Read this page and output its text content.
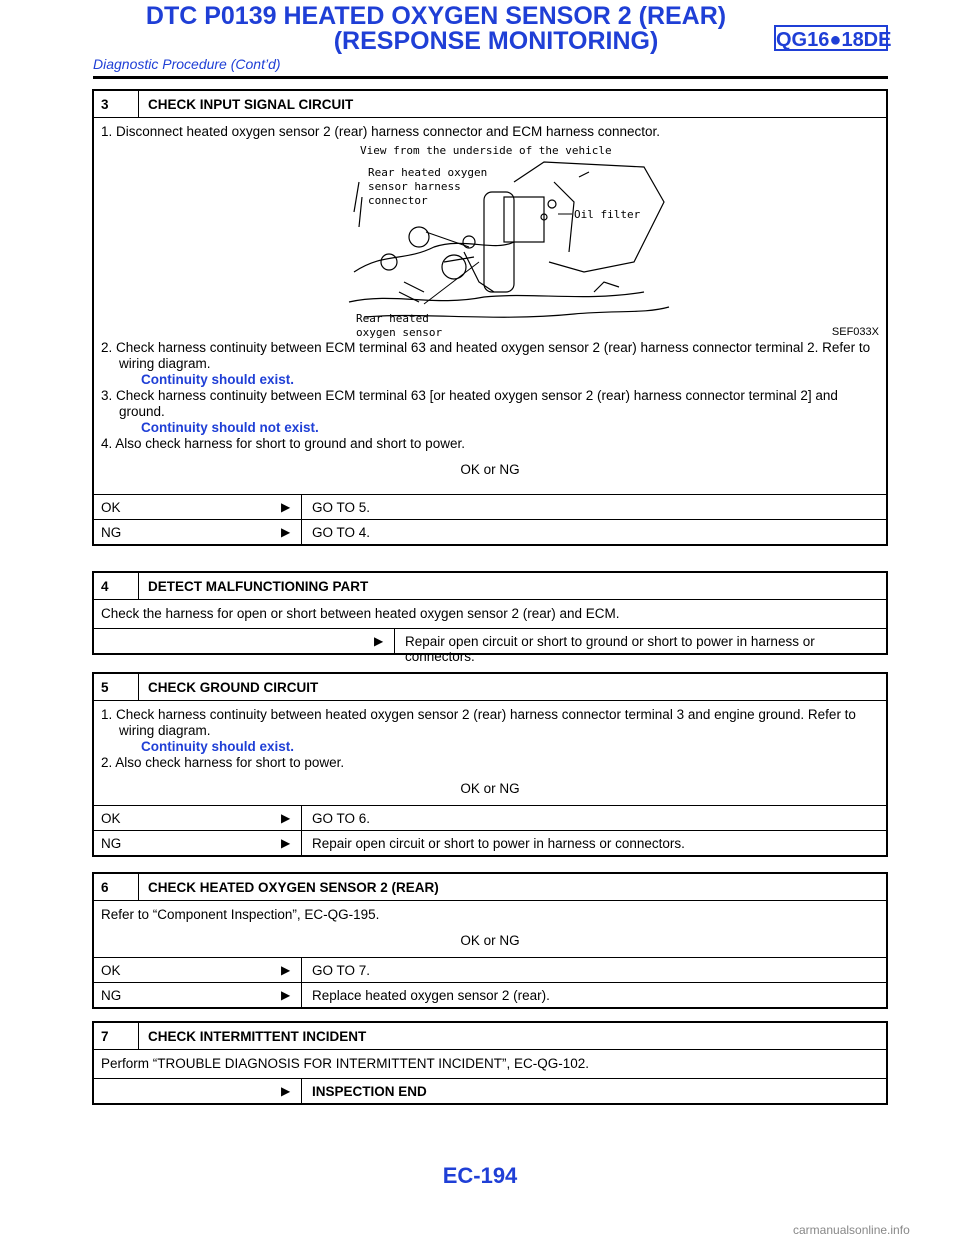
DTC P0139 HEATED OXYGEN SENSOR 2 (REAR)
(RESPONSE MONITORING)	QG16●18DE
Diagnostic Procedure (Cont’d)
3	CHECK INPUT SIGNAL CIRCUIT

1. Disconnect heated oxygen sensor 2 (rear) harness connector and ECM harness connector.

View from the underside of the vehicle
Rear heated oxygen
sensor harness
connector
Oil filter
Rear heated
oxygen sensor	SEF033X

2. Check harness continuity between ECM terminal 63 and heated oxygen sensor 2 (rear) harness connector terminal 2. Refer to wiring diagram.

Continuity should exist.

3. Check harness continuity between ECM terminal 63 [or heated oxygen sensor 2 (rear) harness connector terminal 2] and ground.

Continuity should not exist.

4. Also check harness for short to ground and short to power.

OK or NG
OK	▶ GO TO 5.
NG	▶ GO TO 4.
4	DETECT MALFUNCTIONING PART

Check the harness for open or short between heated oxygen sensor 2 (rear) and ECM.

▶ Repair open circuit or short to ground or short to power in harness or connectors.
5	CHECK GROUND CIRCUIT

1. Check harness continuity between heated oxygen sensor 2 (rear) harness connector terminal 3 and engine ground. Refer to wiring diagram.

Continuity should exist.

2. Also check harness for short to power.

OK or NG
OK	▶ GO TO 6.
NG	▶ Repair open circuit or short to power in harness or connectors.
6	CHECK HEATED OXYGEN SENSOR 2 (REAR)

Refer to “Component Inspection”, EC-QG-195.

OK or NG
OK	▶ GO TO 7.
NG	▶ Replace heated oxygen sensor 2 (rear).
7	CHECK INTERMITTENT INCIDENT

Perform “TROUBLE DIAGNOSIS FOR INTERMITTENT INCIDENT”, EC-QG-102.

▶ INSPECTION END
EC-194
carmanualsonline.info
